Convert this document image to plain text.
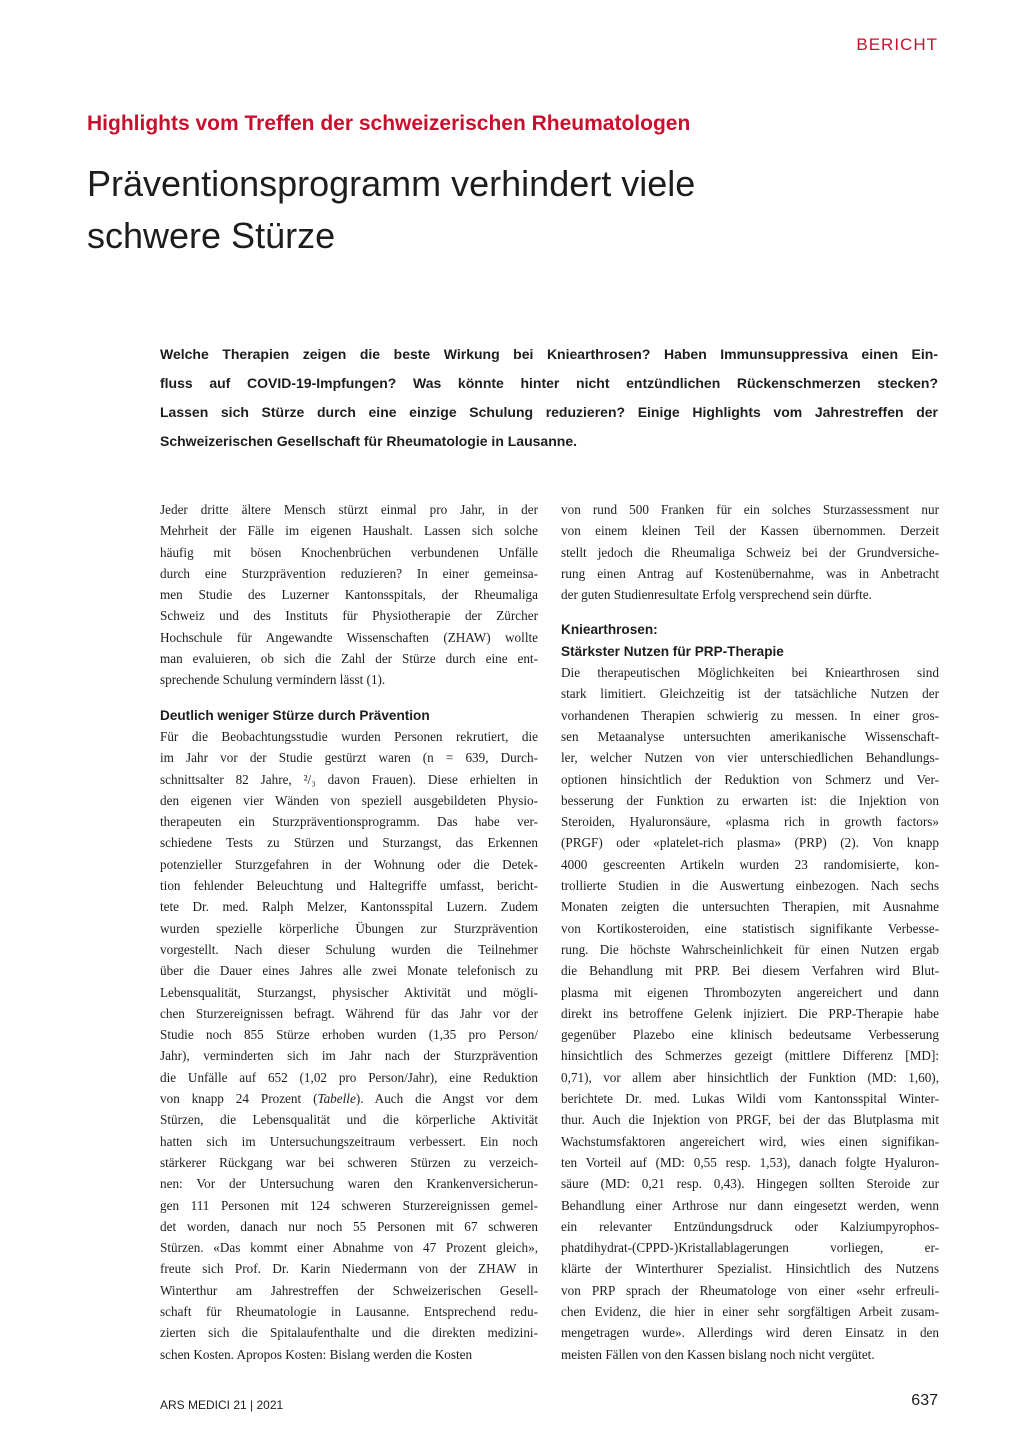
BERICHT
Highlights vom Treffen der schweizerischen Rheumatologen
Präventionsprogramm verhindert viele
schwere Stürze

Welche Therapien zeigen die beste Wirkung bei Kniearthrosen? Haben Immunsuppressiva einen Ein-
fluss auf COVID-19-Impfungen? Was könnte hinter nicht entzündlichen Rückenschmerzen stecken?
Lassen sich Stürze durch eine einzige Schulung reduzieren? Einige Highlights vom Jahrestreffen der
Schweizerischen Gesellschaft für Rheumatologie in Lausanne.

Jeder dritte ältere Mensch stürzt einmal pro Jahr, in der
Mehrheit der Fälle im eigenen Haushalt. Lassen sich solche
häufig mit bösen Knochenbrüchen verbundenen Unfälle
durch eine Sturzprävention reduzieren? In einer gemeinsa-
men Studie des Luzerner Kantonsspitals, der Rheumaliga
Schweiz und des Instituts für Physiotherapie der Zürcher
Hochschule für Angewandte Wissenschaften (ZHAW) wollte
man evaluieren, ob sich die Zahl der Stürze durch eine ent-
sprechende Schulung vermindern lässt (1).
Deutlich weniger Stürze durch Prävention
Für die Beobachtungsstudie wurden Personen rekrutiert, die
im Jahr vor der Studie gestürzt waren (n = 639, Durch-
schnittsalter 82 Jahre, ²/₃ davon Frauen). Diese erhielten in
den eigenen vier Wänden von speziell ausgebildeten Physio-
therapeuten ein Sturzpräventionsprogramm. Das habe ver-
schiedene Tests zu Stürzen und Sturzangst, das Erkennen
potenzieller Sturzgefahren in der Wohnung oder die Detek-
tion fehlender Beleuchtung und Haltegriffe umfasst, bericht-
tete Dr. med. Ralph Melzer, Kantonsspital Luzern. Zudem
wurden spezielle körperliche Übungen zur Sturzprävention
vorgestellt. Nach dieser Schulung wurden die Teilnehmer
über die Dauer eines Jahres alle zwei Monate telefonisch zu
Lebensqualität, Sturzangst, physischer Aktivität und mögli-
chen Sturzereignissen befragt. Während für das Jahr vor der
Studie noch 855 Stürze erhoben wurden (1,35 pro Person/
Jahr), verminderten sich im Jahr nach der Sturzprävention
die Unfälle auf 652 (1,02 pro Person/Jahr), eine Reduktion
von knapp 24 Prozent (Tabelle). Auch die Angst vor dem
Stürzen, die Lebensqualität und die körperliche Aktivität
hatten sich im Untersuchungszeitraum verbessert. Ein noch
stärkerer Rückgang war bei schweren Stürzen zu verzeich-
nen: Vor der Untersuchung waren den Krankenversicherun-
gen 111 Personen mit 124 schweren Sturzereignissen gemel-
det worden, danach nur noch 55 Personen mit 67 schweren
Stürzen. «Das kommt einer Abnahme von 47 Prozent gleich»,
freute sich Prof. Dr. Karin Niedermann von der ZHAW in
Winterthur am Jahrestreffen der Schweizerischen Gesell-
schaft für Rheumatologie in Lausanne. Entsprechend redu-
zierten sich die Spitalaufenthalte und die direkten medizini-
schen Kosten. Apropos Kosten: Bislang werden die Kosten
von rund 500 Franken für ein solches Sturzassessment nur
von einem kleinen Teil der Kassen übernommen. Derzeit
stellt jedoch die Rheumaliga Schweiz bei der Grundversiche-
rung einen Antrag auf Kostenübernahme, was in Anbetracht
der guten Studienresultate Erfolg versprechend sein dürfte.
Kniearthrosen:
Stärkster Nutzen für PRP-Therapie
Die therapeutischen Möglichkeiten bei Kniearthrosen sind
stark limitiert. Gleichzeitig ist der tatsächliche Nutzen der
vorhandenen Therapien schwierig zu messen. In einer gros-
sen Metaanalyse untersuchten amerikanische Wissenschaft-
ler, welcher Nutzen von vier unterschiedlichen Behandlungs-
optionen hinsichtlich der Reduktion von Schmerz und Ver-
besserung der Funktion zu erwarten ist: die Injektion von
Steroiden, Hyaluronsäure, «plasma rich in growth factors»
(PRGF) oder «platelet-rich plasma» (PRP) (2). Von knapp
4000 gescreenten Artikeln wurden 23 randomisierte, kon-
trollierte Studien in die Auswertung einbezogen. Nach sechs
Monaten zeigten die untersuchten Therapien, mit Ausnahme
von Kortikosteroiden, eine statistisch signifikante Verbesse-
rung. Die höchste Wahrscheinlichkeit für einen Nutzen ergab
die Behandlung mit PRP. Bei diesem Verfahren wird Blut-
plasma mit eigenen Thrombozyten angereichert und dann
direkt ins betroffene Gelenk injiziert. Die PRP-Therapie habe
gegenüber Plazebo eine klinisch bedeutsame Verbesserung
hinsichtlich des Schmerzes gezeigt (mittlere Differenz [MD]:
0,71), vor allem aber hinsichtlich der Funktion (MD: 1,60),
berichtete Dr. med. Lukas Wildi vom Kantonsspital Winter-
thur. Auch die Injektion von PRGF, bei der das Blutplasma mit
Wachstumsfaktoren angereichert wird, wies einen signifikan-
ten Vorteil auf (MD: 0,55 resp. 1,53), danach folgte Hyaluron-
säure (MD: 0,21 resp. 0,43). Hingegen sollten Steroide zur
Behandlung einer Arthrose nur dann eingesetzt werden, wenn
ein relevanter Entzündungsdruck oder Kalziumpyrophos-
phatdihydrat-(CPPD-)Kristallablagerungen vorliegen, er-
klärte der Winterthurer Spezialist. Hinsichtlich des Nutzens
von PRP sprach der Rheumatologe von einer «sehr erfreuli-
chen Evidenz, die hier in einer sehr sorgfältigen Arbeit zusam-
mengetragen wurde». Allerdings wird deren Einsatz in den
meisten Fällen von den Kassen bislang noch nicht vergütet.
ARS MEDICI 21 | 2021	637
